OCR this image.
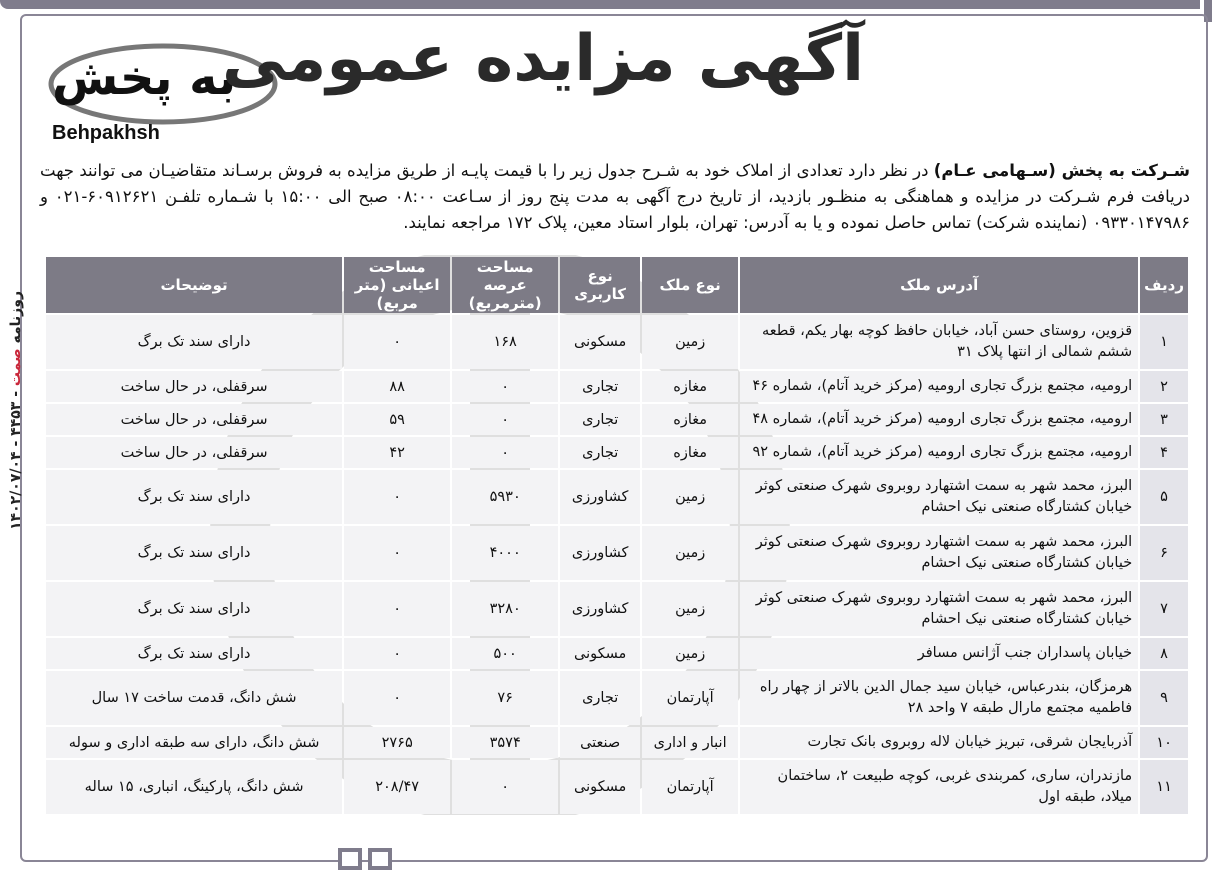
به پخش
Behpakhsh
آگهی مزایده عمومی
شـرکت به پخش (سـهامی عـام) در نظر دارد تعدادی از املاک خود به شـرح جدول زیر را با قیمت پایـه از طریق مزایده به فروش برسـاند متقاضیـان می توانند جهت دریافت فرم شـرکت در مزایده و هماهنگی به منظـور بازدید، از تاریخ درج آگهی به مدت پنج روز از سـاعت ۰۸:۰۰ صبح الی ۱۵:۰۰ با شـماره تلفـن ۶۰۹۱۲۶۲۱-۰۲۱ و ۰۹۳۳۰۱۴۷۹۸۶ (نماینده شرکت) تماس حاصل نموده و یا به آدرس: تهران، بلوار استاد معین، پلاک ۱۷۲ مراجعه نمایند.
ردیف	آدرس ملک	نوع ملک	نوع کاربری	مساحت عرصه (مترمربع)	مساحت اعیانی (متر مربع)	توضیحات
۱	قزوین، روستای حسن آباد، خیابان حافظ کوچه بهار یکم، قطعه ششم شمالی از انتها پلاک ۳۱	زمین	مسکونی	۱۶۸	۰	دارای سند تک برگ
۲	ارومیه، مجتمع بزرگ تجاری ارومیه (مرکز خرید آتام)، شماره ۴۶	مغازه	تجاری	۰	۸۸	سرقفلی، در حال ساخت
۳	ارومیه، مجتمع بزرگ تجاری ارومیه (مرکز خرید آتام)، شماره ۴۸	مغازه	تجاری	۰	۵۹	سرقفلی، در حال ساخت
۴	ارومیه، مجتمع بزرگ تجاری ارومیه (مرکز خرید آتام)، شماره ۹۲	مغازه	تجاری	۰	۴۲	سرقفلی، در حال ساخت
۵	البرز، محمد شهر به سمت اشتهارد روبروی شهرک صنعتی کوثر خیابان کشتارگاه صنعتی نیک احشام	زمین	کشاورزی	۵۹۳۰	۰	دارای سند تک برگ
۶	البرز، محمد شهر به سمت اشتهارد روبروی شهرک صنعتی کوثر خیابان کشتارگاه صنعتی نیک احشام	زمین	کشاورزی	۴۰۰۰	۰	دارای سند تک برگ
۷	البرز، محمد شهر به سمت اشتهارد روبروی شهرک صنعتی کوثر خیابان کشتارگاه صنعتی نیک احشام	زمین	کشاورزی	۳۲۸۰	۰	دارای سند تک برگ
۸	خیابان پاسداران جنب آژانس مسافر	زمین	مسکونی	۵۰۰	۰	دارای سند تک برگ
۹	هرمزگان، بندرعباس، خیابان سید جمال الدین بالاتر از چهار راه فاطمیه مجتمع مارال طبقه ۷ واحد ۲۸	آپارتمان	تجاری	۷۶	۰	شش دانگ، قدمت ساخت ۱۷ سال
۱۰	آذربایجان شرقی، تبریز خیابان لاله روبروی بانک تجارت	انبار و اداری	صنعتی	۳۵۷۴	۲۷۶۵	شش دانگ، دارای سه طبقه اداری و سوله
۱۱	مازندران، ساری، کمربندی غربی، کوچه طبیعت ۲، ساختمان میلاد، طبقه اول	آپارتمان	مسکونی	۰	۲۰۸/۴۷	شش دانگ، پارکینگ، انباری، ۱۵ ساله
روزنامه صمت - ۴۴۵۳ - ۱۴۰۲/۰۷/۰۴
